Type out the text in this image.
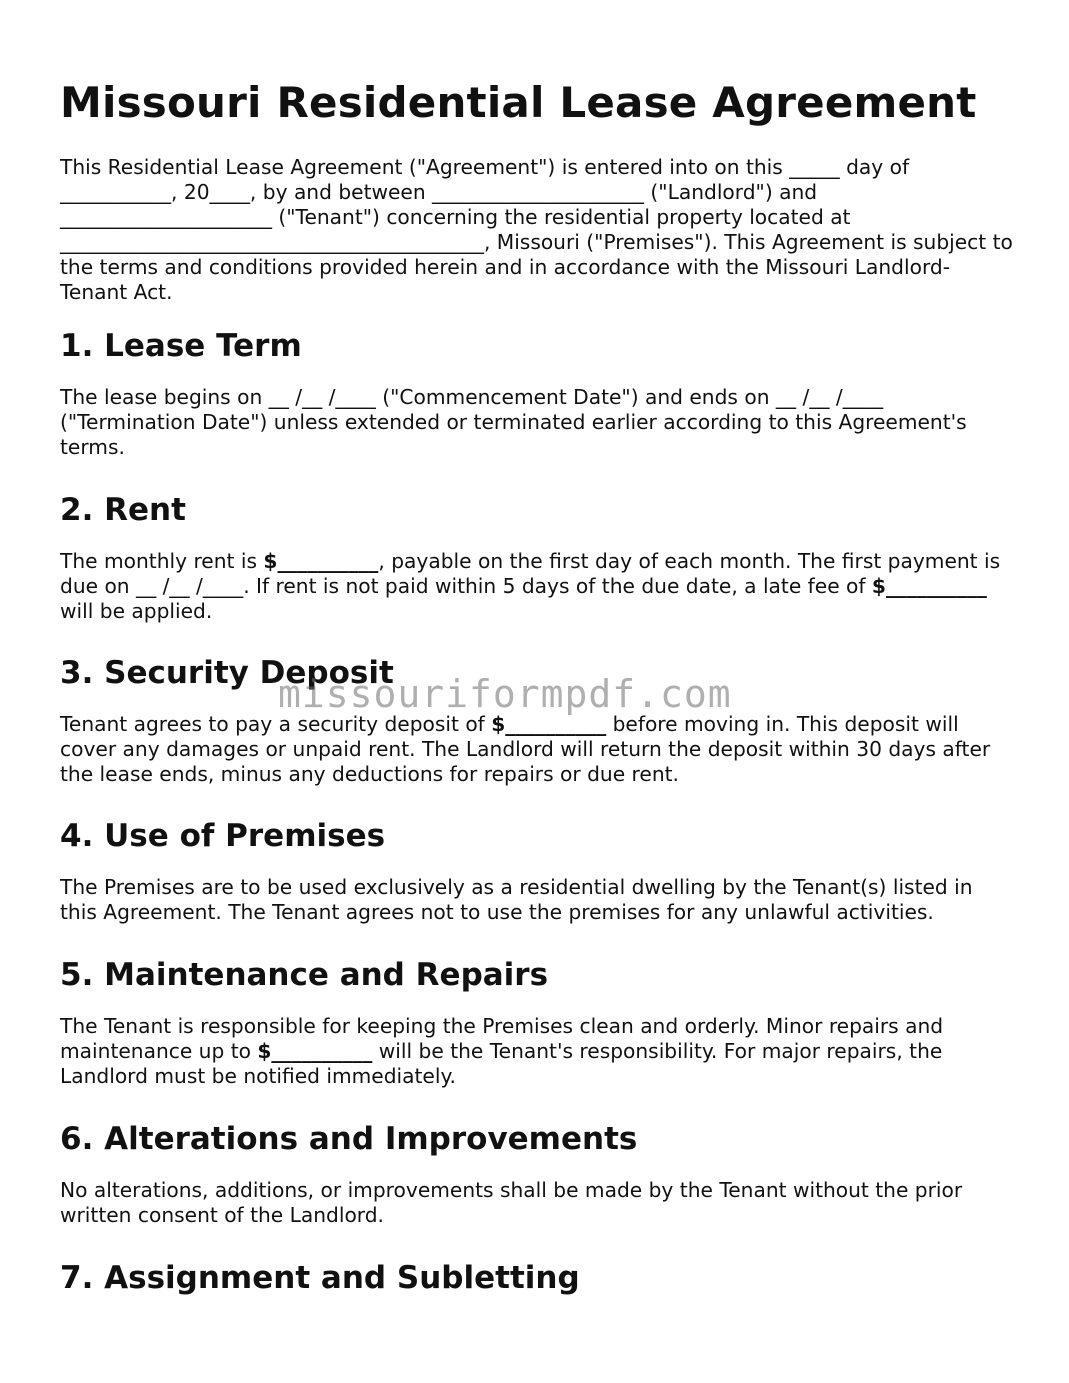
Missouri Residential Lease Agreement

This Residential Lease Agreement ("Agreement") is entered into on this _____ day of ___________, 20____, by and between _____________________ ("Landlord") and _____________________ ("Tenant") concerning the residential property located at __________________________________________, Missouri ("Premises"). This Agreement is subject to the terms and conditions provided herein and in accordance with the Missouri Landlord-Tenant Act.

1. Lease Term

The lease begins on __ /__ /____ ("Commencement Date") and ends on __ /__ /____ ("Termination Date") unless extended or terminated earlier according to this Agreement's terms.

2. Rent

The monthly rent is $__________, payable on the first day of each month. The first payment is due on __ /__ /____. If rent is not paid within 5 days of the due date, a late fee of $__________ will be applied.

3. Security Deposit

Tenant agrees to pay a security deposit of $__________ before moving in. This deposit will cover any damages or unpaid rent. The Landlord will return the deposit within 30 days after the lease ends, minus any deductions for repairs or due rent.

4. Use of Premises

The Premises are to be used exclusively as a residential dwelling by the Tenant(s) listed in this Agreement. The Tenant agrees not to use the premises for any unlawful activities.

5. Maintenance and Repairs

The Tenant is responsible for keeping the Premises clean and orderly. Minor repairs and maintenance up to $__________ will be the Tenant's responsibility. For major repairs, the Landlord must be notified immediately.

6. Alterations and Improvements

No alterations, additions, or improvements shall be made by the Tenant without the prior written consent of the Landlord.

7. Assignment and Subletting
missouriformpdf.com
